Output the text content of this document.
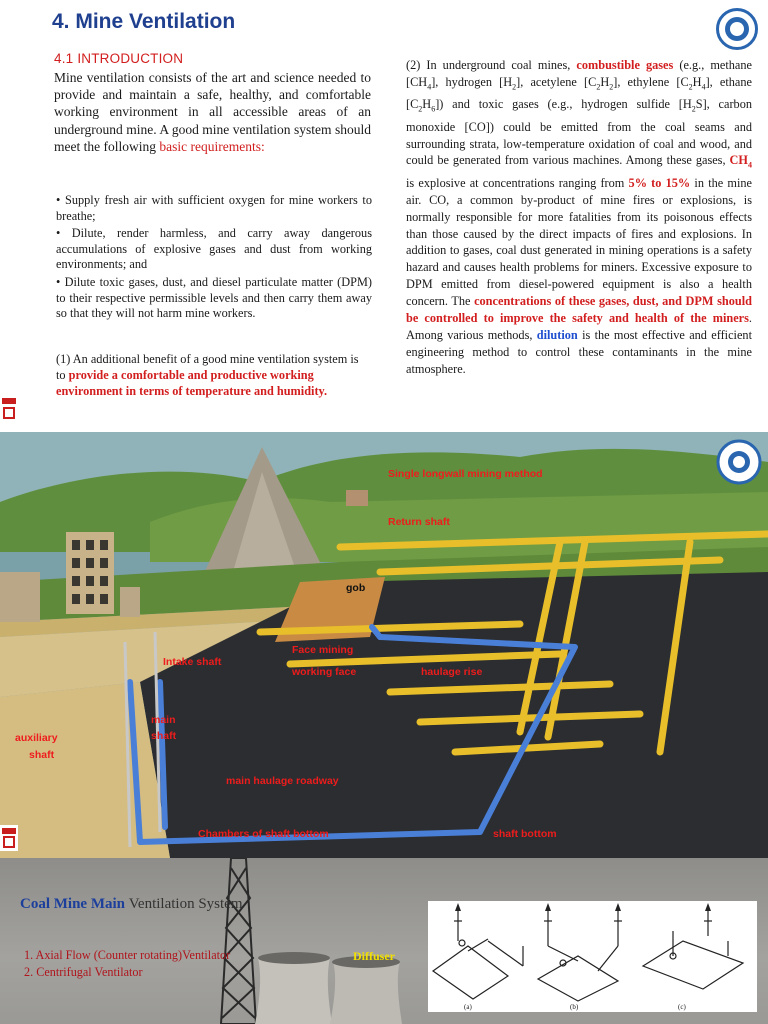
4. Mine Ventilation
4.1 INTRODUCTION
Mine ventilation consists of the art and science needed to provide and maintain a safe, healthy, and comfortable working environment in all accessible areas of an underground mine. A good mine ventilation system should meet the following basic requirements:

• Supply fresh air with sufficient oxygen for mine workers to breathe;

• Dilute, render harmless, and carry away dangerous accumulations of explosive gases and dust from working environments; and

• Dilute toxic gases, dust, and diesel particulate matter (DPM) to their respective permissible levels and then carry them away so that they will not harm mine workers.

(1) An additional benefit of a good mine ventilation system is to provide a comfortable and productive working environment in terms of temperature and humidity.
(2) In underground coal mines, combustible gases (e.g., methane $[CH_4]$, hydrogen $[H_2]$, acetylene $[C_2H_2]$, ethylene $[C_2H_4]$, ethane $[C_2H_6]$) and toxic gases (e.g., hydrogen sulfide $[H_2S]$, carbon monoxide [CO]) could be emitted from the coal seams and surrounding strata, low-temperature oxidation of coal and wood, and could be generated from various machines. Among these gases, $CH_4$ is explosive at concentrations ranging from 5% to 15% in the mine air. CO, a common by-product of mine fires or explosions, is normally responsible for more fatalities from its poisonous effects than those caused by the direct impacts of fires and explosions. In addition to gases, coal dust generated in mining operations is a safety hazard and causes health problems for miners. Excessive exposure to DPM emitted from diesel-powered equipment is also a health concern. The concentrations of these gases, dust, and DPM should be controlled to improve the safety and health of the miners. Among various methods, dilution is the most effective and efficient engineering method to control these contaminants in the mine atmosphere.
Single longwall mining method
Return shaft
gob
Intake shaft
Face mining
working face	haulage rise
main
shaft
auxiliary
shaft
main haulage roadway
Chambers of shaft bottom	shaft bottom
Coal Mine Main Ventilation System
1. Axial Flow (Counter rotating)Ventilator
2. Centrifugal Ventilator
Diffuser
(a)	(b)	(c)
